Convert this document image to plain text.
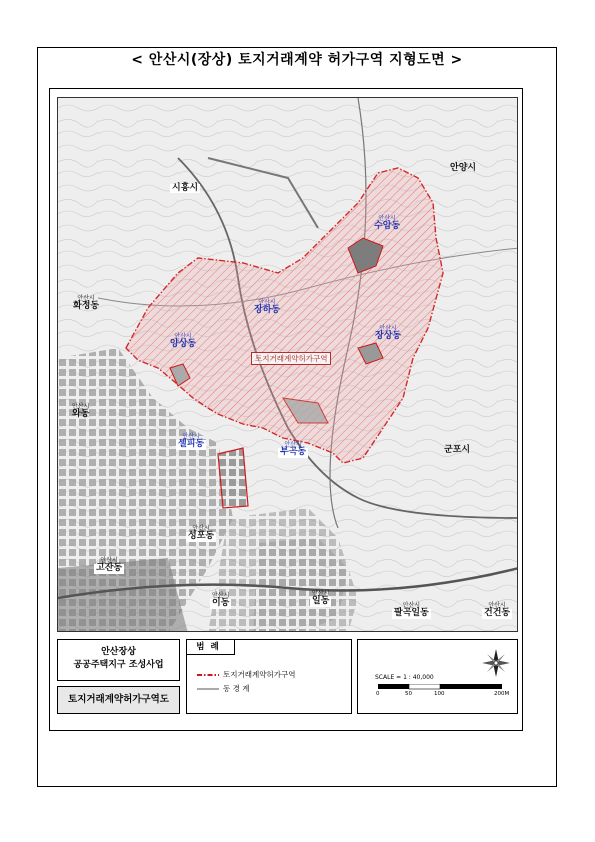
< 안산시(장상) 토지거래계약 허가구역 지형도면 >
시흥시
안양시
안산시
수암동
안산시
화정동	안산시
장하동
안산시
양상동
안산시
장상동
안산시
와동
안산시
셀피동	안산시
부곡동	군포시
안산시
성포동
안산시
고잔동
안산시
이동
안산시
일동	안산시
팔곡일동
안산시
건건동
토지거래계약허가구역
안산장상
공공주택지구 조성사업
토지거래계약허가구역도
범례
토지거래계약허가구역
동 경 계
SCALE = 1 : 40,000
0	50	100	200M
